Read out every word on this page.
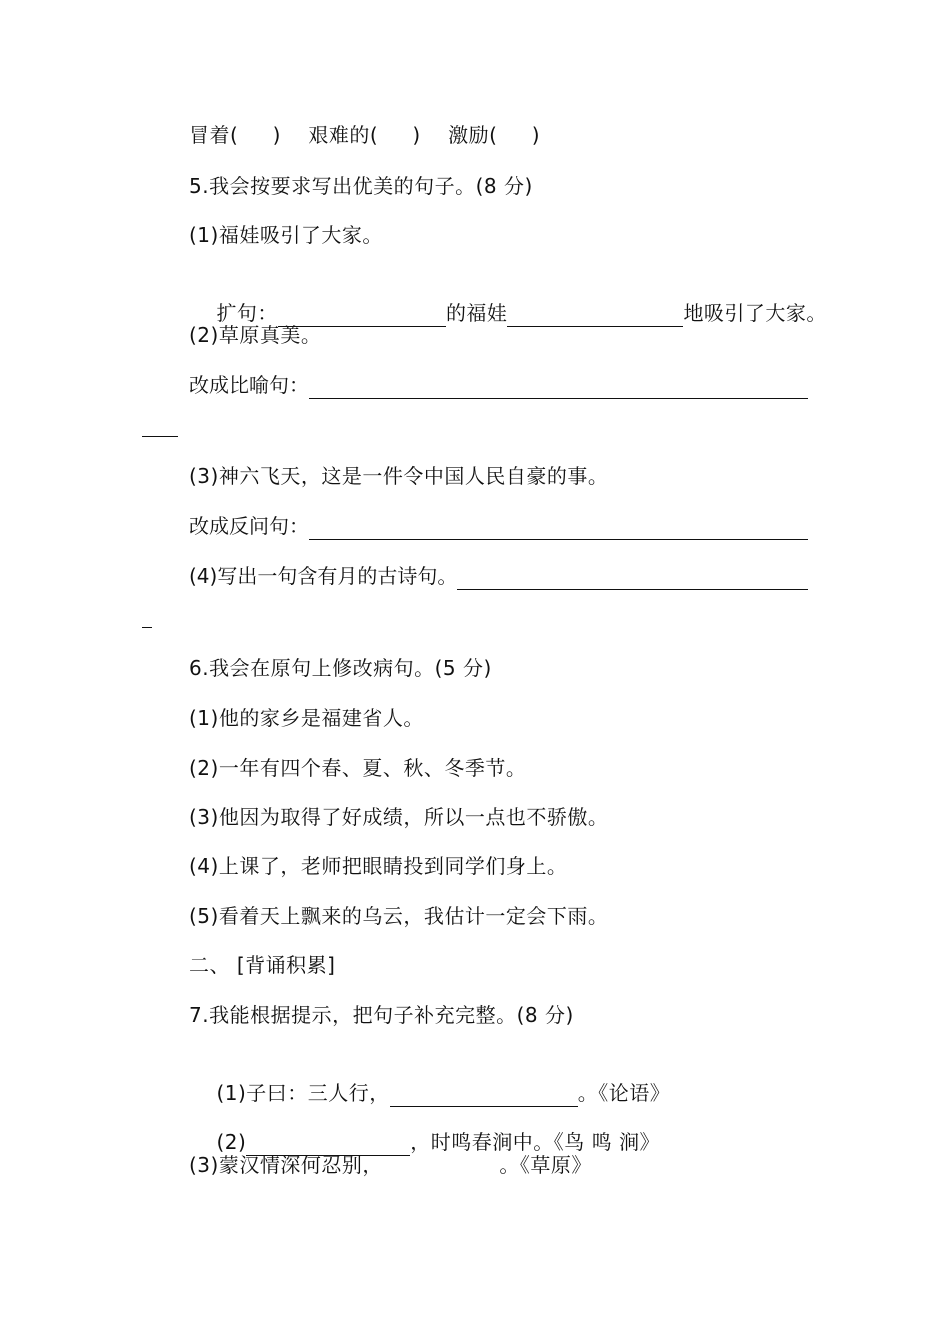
冒着(     )    艰难的(     )    激励(     )
5.我会按要求写出优美的句子。(8 分)
(1)福娃吸引了大家。

扩句：	的福娃	地吸引了大家。

(2)草原真美。
改成比喻句：
(3)神六飞天，这是一件令中国人民自豪的事。
改成反问句：
(4)写出一句含有月的古诗句。
6.我会在原句上修改病句。(5 分)
(1)他的家乡是福建省人。
(2)一年有四个春、夏、秋、冬季节。
(3)他因为取得了好成绩，所以一点也不骄傲。
(4)上课了，老师把眼睛投到同学们身上。
(5)看着天上飘来的乌云，我估计一定会下雨。
二、 [背诵积累]
7.我能根据提示，把句子补充完整。(8 分)

(1)子曰：三人行，	。《论语》

(2)	，时鸣春涧中。《鸟 鸣 涧》

(3)蒙汉情深何忍别，                 。《草原》
